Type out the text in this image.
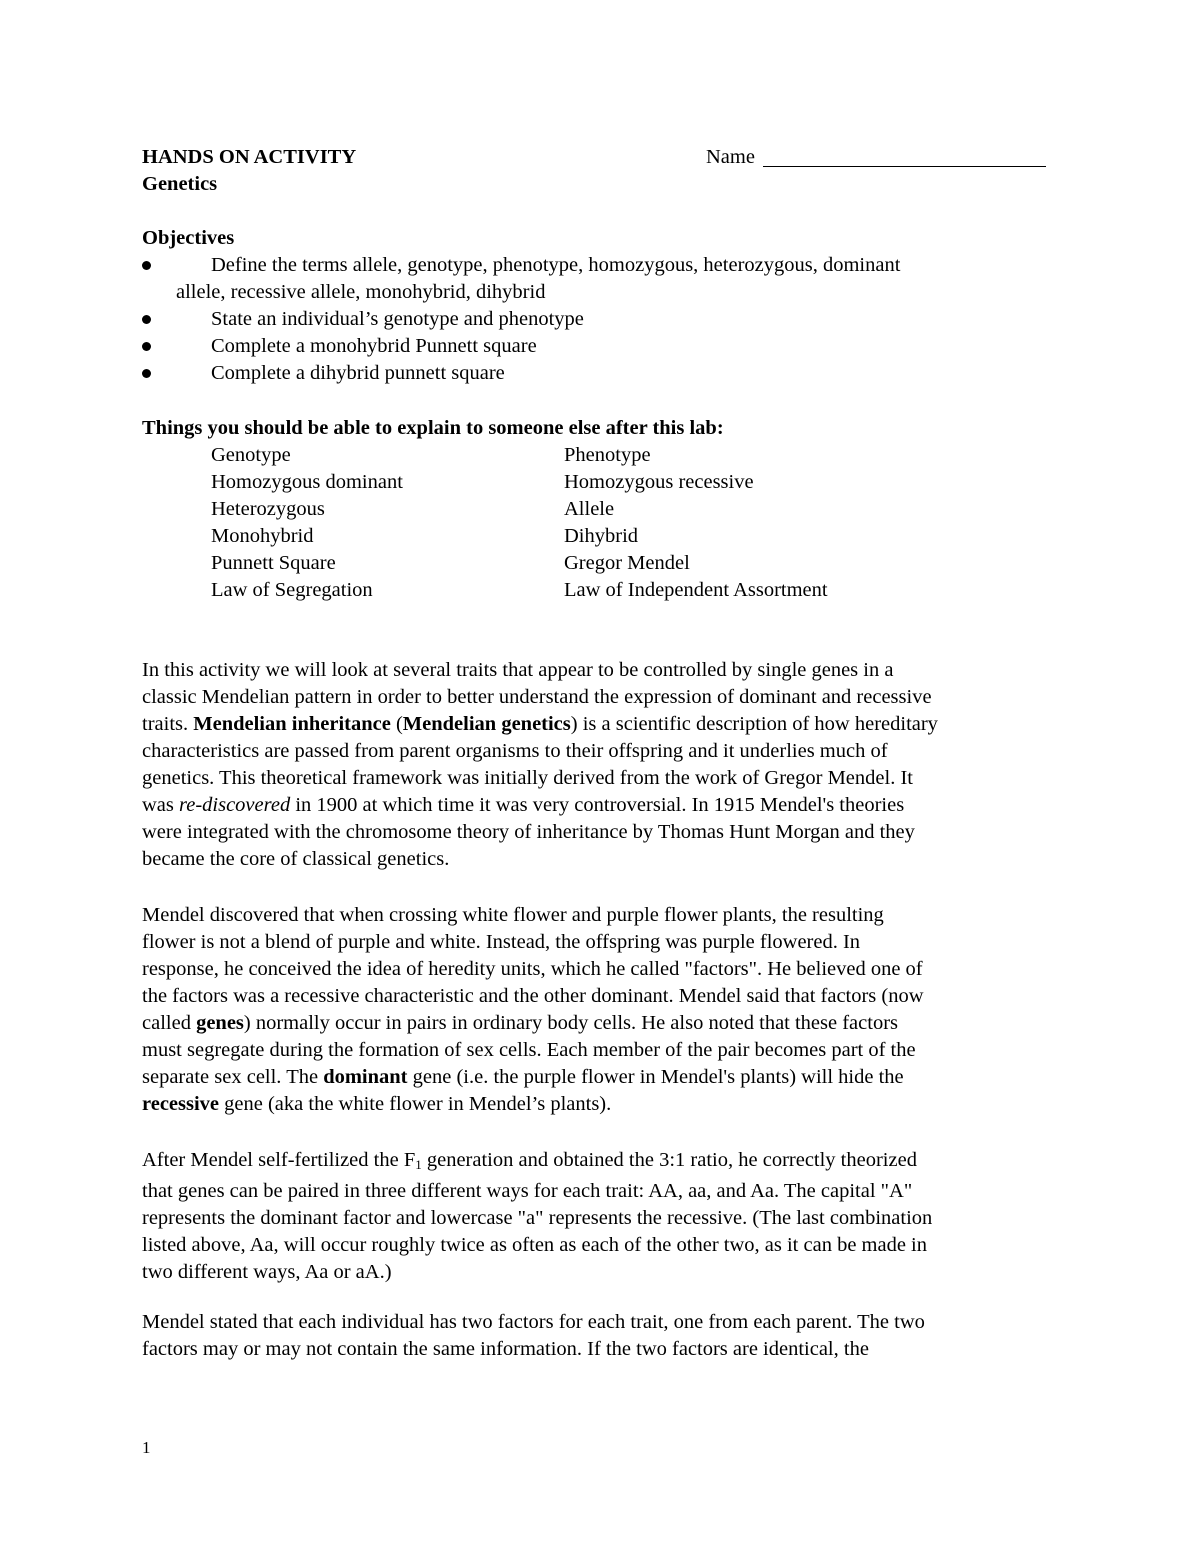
HANDS ON ACTIVITY	Name
Genetics
Objectives
Define the terms allele, genotype, phenotype, homozygous, heterozygous, dominant
allele, recessive allele, monohybrid, dihybrid
State an individual’s genotype and phenotype
Complete a monohybrid Punnett square
Complete a dihybrid punnett square
Things you should be able to explain to someone else after this lab:
Genotype	Phenotype
Homozygous dominant	Homozygous recessive
Heterozygous	Allele
Monohybrid	Dihybrid
Punnett Square	Gregor Mendel
Law of Segregation	Law of Independent Assortment
In this activity we will look at several traits that appear to be controlled by single genes in a
classic Mendelian pattern in order to better understand the expression of dominant and recessive
traits. Mendelian inheritance (Mendelian genetics) is a scientific description of how hereditary
characteristics are passed from parent organisms to their offspring and it underlies much of
genetics. This theoretical framework was initially derived from the work of Gregor Mendel. It
was re-discovered in 1900 at which time it was very controversial. In 1915 Mendel's theories
were integrated with the chromosome theory of inheritance by Thomas Hunt Morgan and they
became the core of classical genetics.
Mendel discovered that when crossing white flower and purple flower plants, the resulting
flower is not a blend of purple and white. Instead, the offspring was purple flowered. In
response, he conceived the idea of heredity units, which he called "factors". He believed one of
the factors was a recessive characteristic and the other dominant. Mendel said that factors (now
called genes) normally occur in pairs in ordinary body cells. He also noted that these factors
must segregate during the formation of sex cells. Each member of the pair becomes part of the
separate sex cell. The dominant gene (i.e. the purple flower in Mendel's plants) will hide the
recessive gene (aka the white flower in Mendel’s plants).
After Mendel self-fertilized the $F_1$ generation and obtained the 3:1 ratio, he correctly theorized
that genes can be paired in three different ways for each trait: AA, aa, and Aa. The capital "A"
represents the dominant factor and lowercase "a" represents the recessive. (The last combination
listed above, Aa, will occur roughly twice as often as each of the other two, as it can be made in
two different ways, Aa or aA.)
Mendel stated that each individual has two factors for each trait, one from each parent. The two
factors may or may not contain the same information. If the two factors are identical, the
1
